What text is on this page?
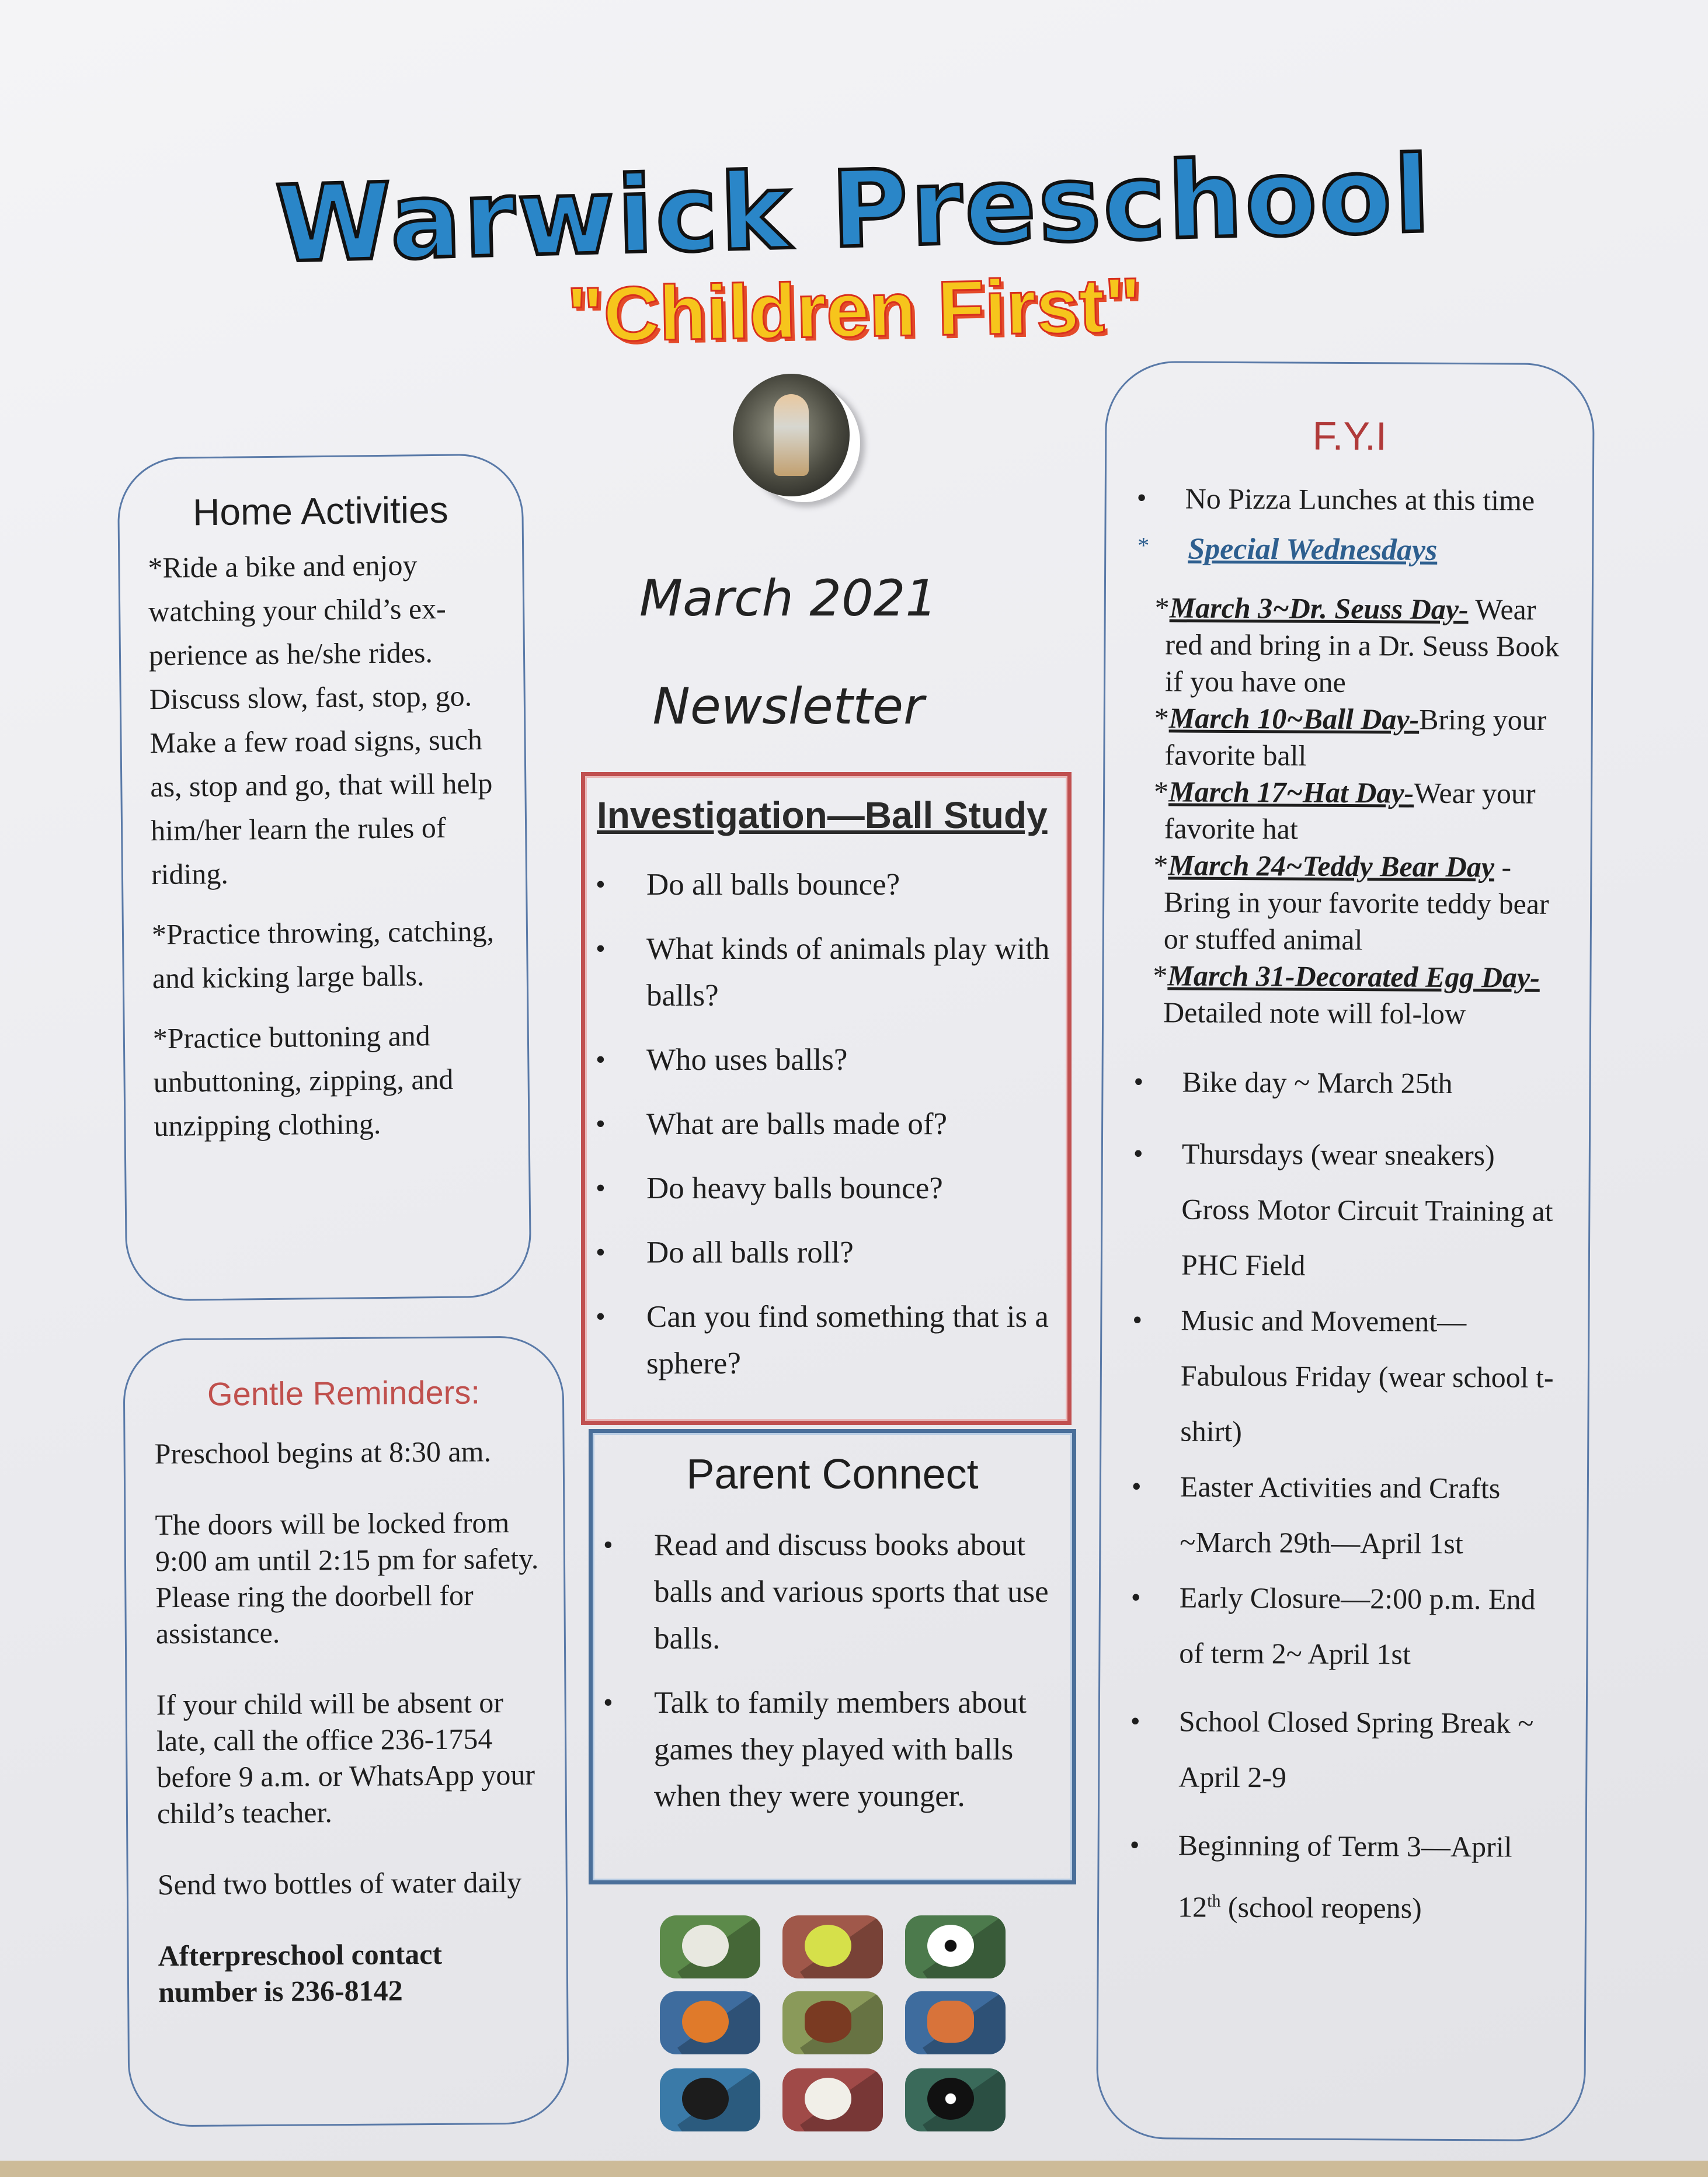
Warwick Preschool
"Children First"
March 2021
Newsletter
Home Activities

*Ride a bike and enjoy watching your child’s ex-perience as he/she rides. Discuss slow, fast, stop, go. Make a few road signs, such as, stop and go, that will help him/her learn the rules of riding.

*Practice throwing, catching, and kicking large balls.

*Practice buttoning and unbuttoning, zipping, and unzipping clothing.

Gentle Reminders:

Preschool begins at 8:30 am.

The doors will be locked from 9:00 am until 2:15 pm for safety. Please ring the doorbell for assistance.

If your child will be absent or late, call the office 236-1754 before 9 a.m. or WhatsApp your child’s teacher.

Send two bottles of water daily

Afterpreschool contact number is 236-8142

Investigation—Ball Study
• Do all balls bounce?
• What kinds of animals play with balls?
• Who uses balls?
• What are balls made of?
• Do heavy balls bounce?
• Do all balls roll?
• Can you find something that is a sphere?
Parent Connect
• Read and discuss books about balls and various sports that use balls.
• Talk to family members about games they played with balls when they were younger.
F.Y.I
• No Pizza Lunches at this time
* Special Wednesdays
*March 3~Dr. Seuss Day- Wear red and bring in a Dr. Seuss Book if you have one
*March 10~Ball Day-Bring your favorite ball
*March 17~Hat Day-Wear your favorite hat
*March 24~Teddy Bear Day -Bring in your favorite teddy bear or stuffed animal
*March 31-Decorated Egg Day-Detailed note will fol-low
• Bike day ~ March 25th
• Thursdays (wear sneakers) Gross Motor Circuit Training at PHC Field
• Music and Movement—Fabulous Friday (wear school t-shirt)
• Easter Activities and Crafts ~March 29th—April 1st
• Early Closure—2:00 p.m. End of term 2~ April 1st
• School Closed Spring Break ~ April 2-9
• Beginning of Term 3—April 12th (school reopens)
